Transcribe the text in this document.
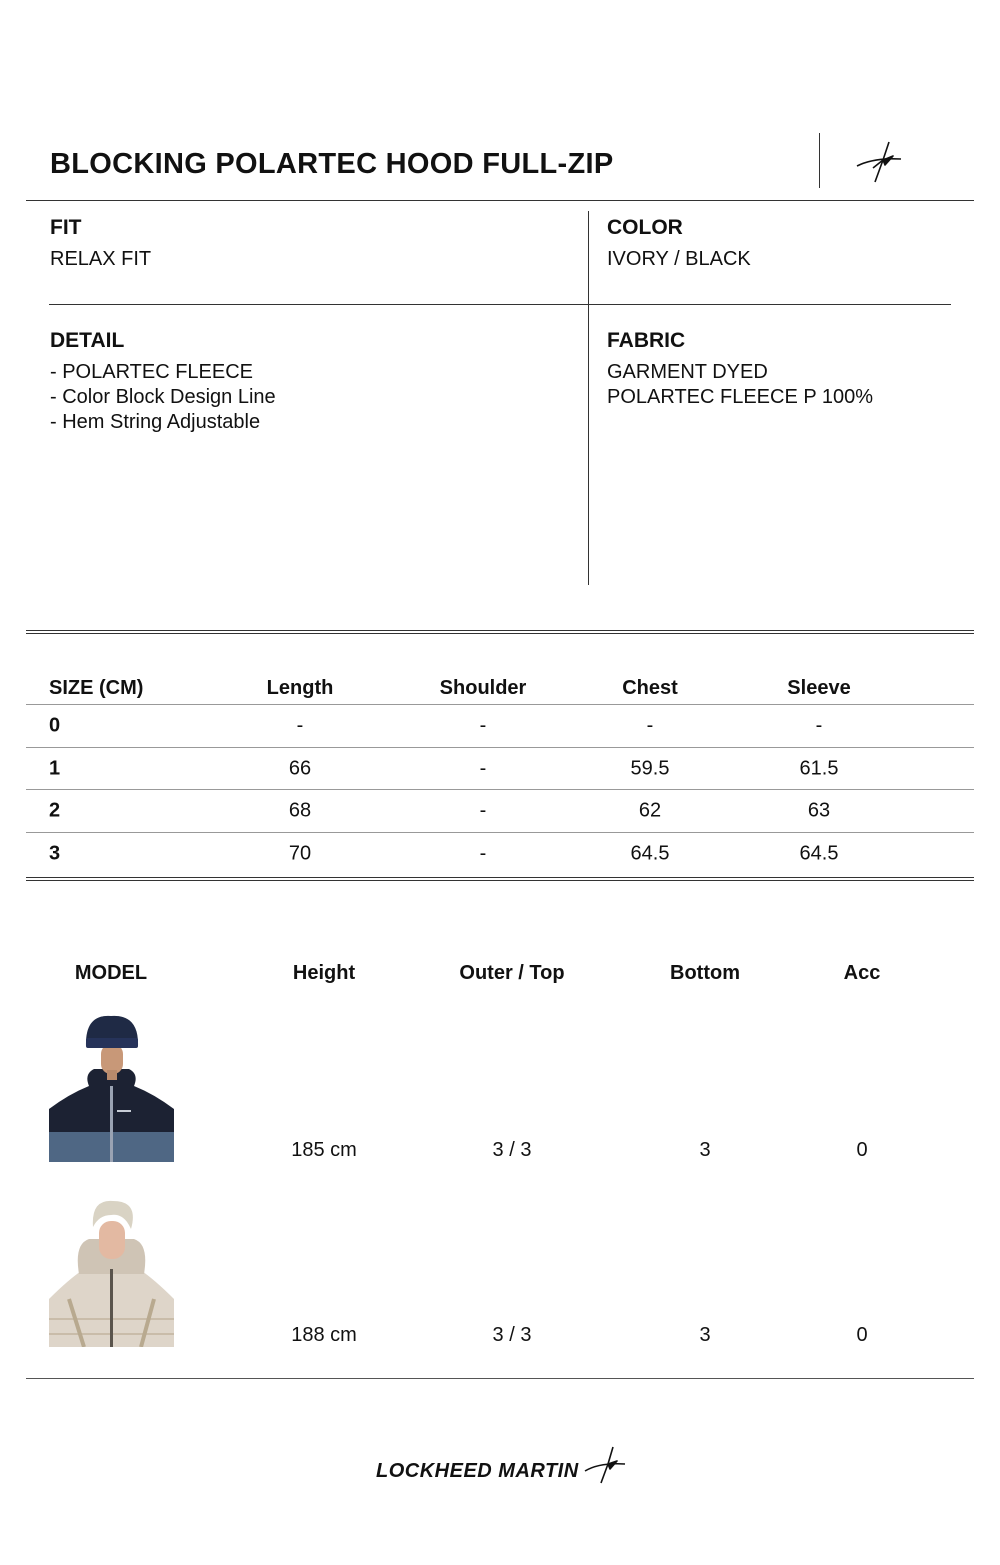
BLOCKING POLARTEC HOOD FULL-ZIP
FIT
RELAX FIT
COLOR
IVORY / BLACK
DETAIL
- POLARTEC FLEECE
- Color Block Design Line
- Hem String Adjustable
FABRIC
GARMENT DYED
POLARTEC FLEECE P 100%
SIZE (CM)	Length	Shoulder	Chest	Sleeve
0	-	-	-	-
1	66	-	59.5	61.5
2	68	-	62	63
3	70	-	64.5	64.5
MODEL	Height	Outer / Top	Bottom	Acc
185 cm	3 / 3	3	0
188 cm	3 / 3	3	0
LOCKHEED MARTIN
